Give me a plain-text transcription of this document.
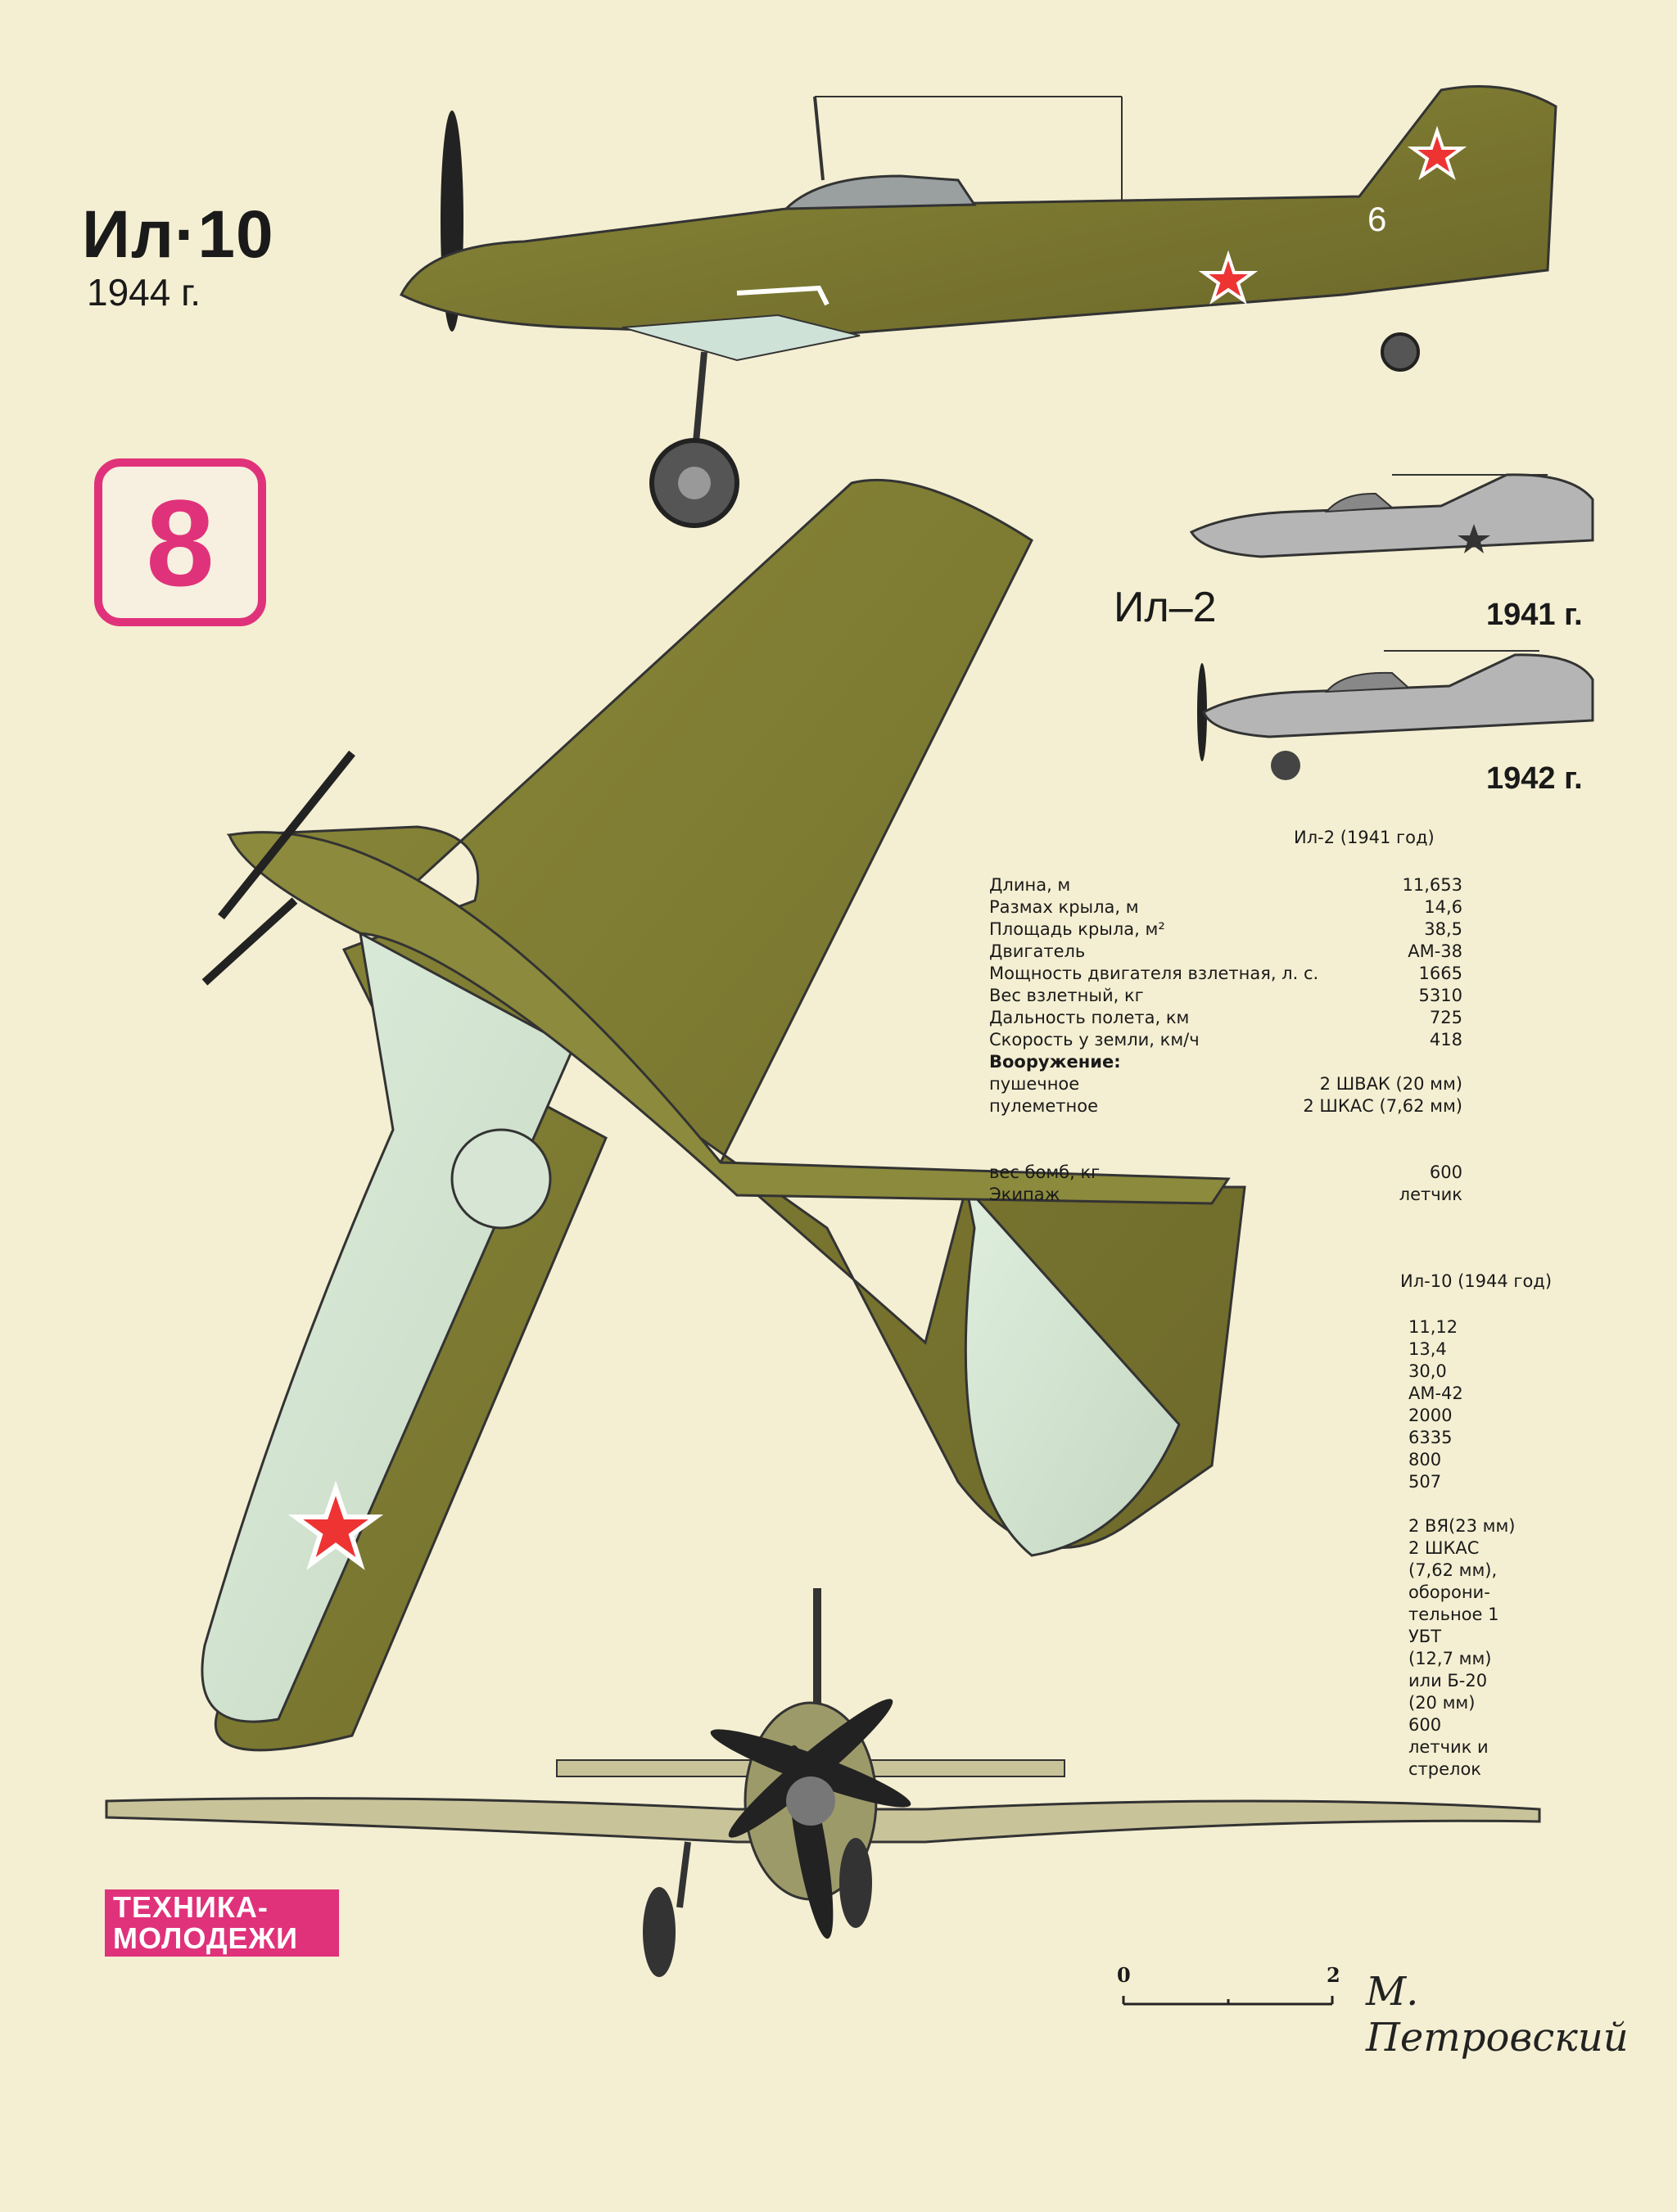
Ил·10
1944 г.
8
6
Ил–2	1941 г.
1942 г.
Ил-2 (1941 год)
Длина, м	11,653
Размах крыла, м	14,6
Площадь крыла, м²	38,5
Двигатель	АМ-38
Мощность двигателя взлетная, л. с.	1665
Вес взлетный, кг	5310
Дальность полета, км	725
Скорость у земли, км/ч	418
Вооружение:
пушечное	2 ШВАК (20 мм)
пулеметное	2 ШКАС (7,62 мм)
вес бомб, кг	600
Экипаж	летчик
Ил-10 (1944 год)
11,12
13,4
30,0
АМ-42
2000
6335
800
507
2 ВЯ(23 мм)
2 ШКАС
(7,62 мм),
оборони-
тельное 1
УБТ
(12,7 мм)
или Б-20
(20 мм)
600
летчик и
стрелок
ТЕХНИКА-
МОЛОДЕЖИ
0	2 М. Петровский
